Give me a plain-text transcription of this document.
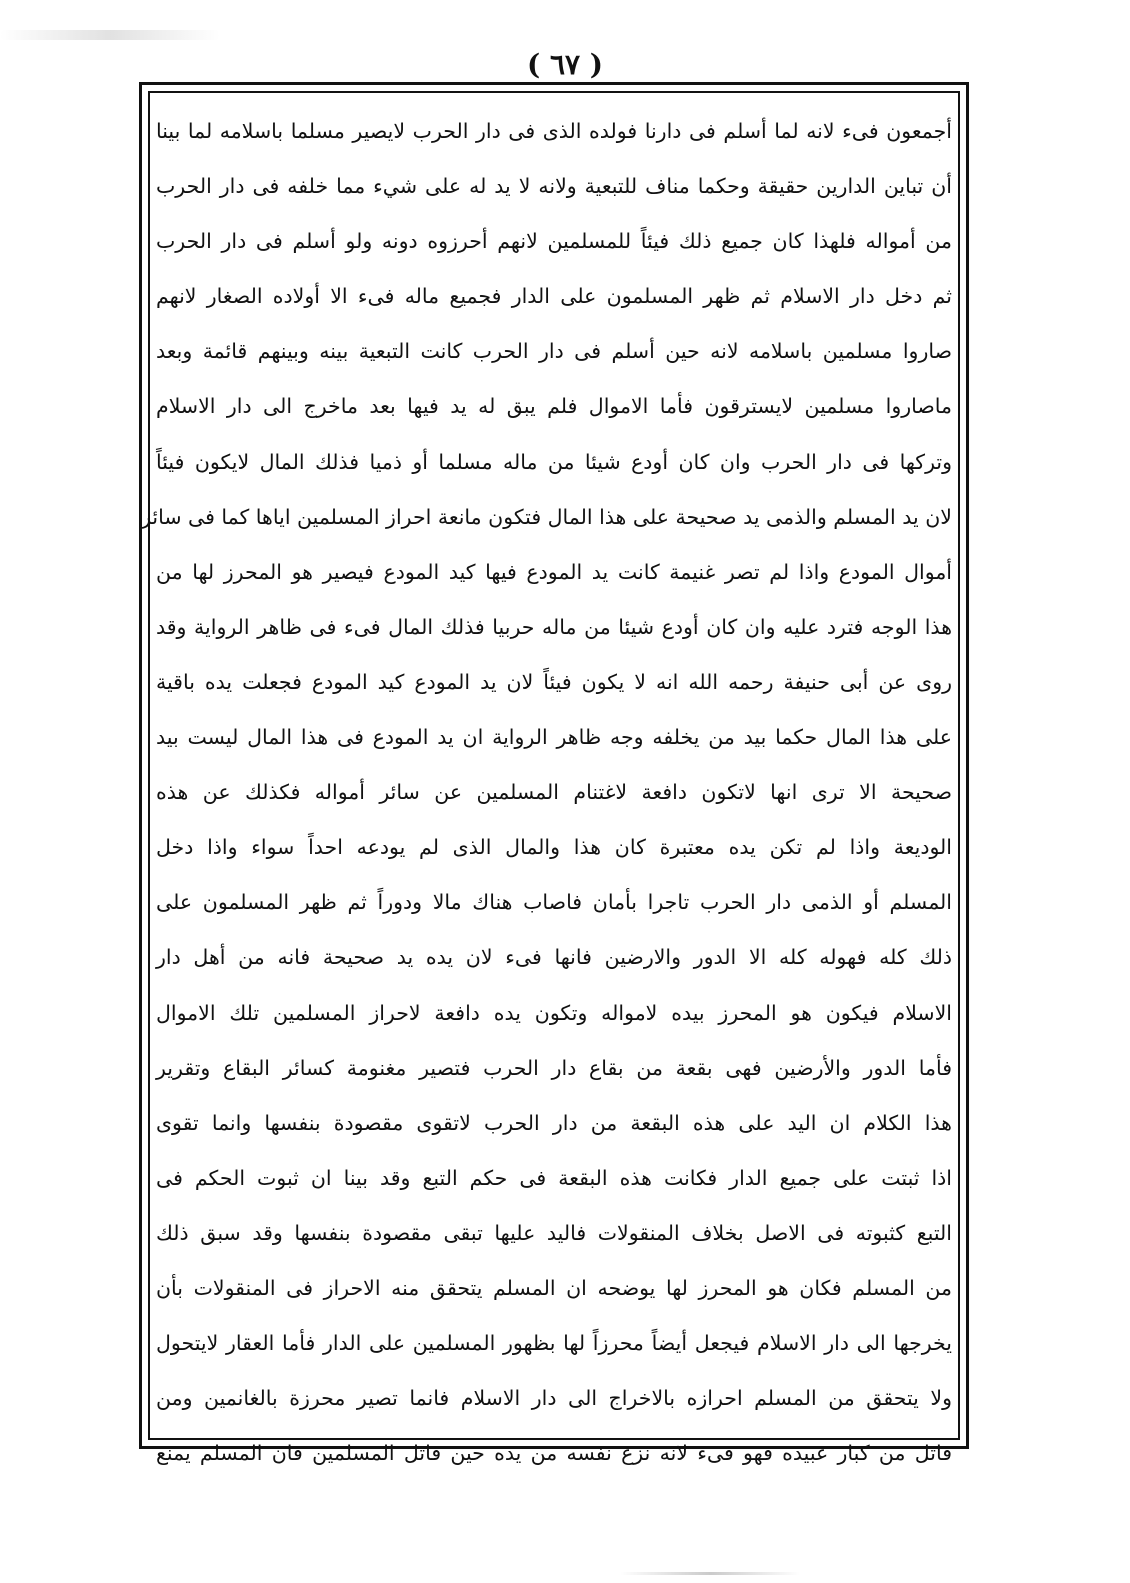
( ٦٧ )
أجمعون فىء لانه لما أسلم فى دارنا فولده الذى فى دار الحرب لايصير مسلما باسلامه لما بينا
أن تباين الدارين حقيقة وحكما مناف للتبعية ولانه لا يد له على شيء مما خلفه فى دار الحرب
من أمواله فلهذا كان جميع ذلك فيئاً للمسلمين لانهم أحرزوه دونه ولو أسلم فى دار الحرب
ثم دخل دار الاسلام ثم ظهر المسلمون على الدار فجميع ماله فىء الا أولاده الصغار لانهم
صاروا مسلمين باسلامه لانه حين أسلم فى دار الحرب كانت التبعية بينه وبينهم قائمة وبعد
ماصاروا مسلمين لايسترقون فأما الاموال فلم يبق له يد فيها بعد ماخرج الى دار الاسلام
وتركها فى دار الحرب وان كان أودع شيئا من ماله مسلما أو ذميا فذلك المال لايكون فيئاً
لان يد المسلم والذمى يد صحيحة على هذا المال فتكون مانعة احراز المسلمين اياها كما فى سائر
أموال المودع واذا لم تصر غنيمة كانت يد المودع فيها كيد المودع فيصير هو المحرز لها من
هذا الوجه فترد عليه وان كان أودع شيئا من ماله حربيا فذلك المال فىء فى ظاهر الرواية وقد
روى عن أبى حنيفة رحمه الله انه لا يكون فيئاً لان يد المودع كيد المودع فجعلت يده باقية
على هذا المال حكما بيد من يخلفه وجه ظاهر الرواية ان يد المودع فى هذا المال ليست بيد
صحيحة الا ترى انها لاتكون دافعة لاغتنام المسلمين عن سائر أمواله فكذلك عن هذه
الوديعة واذا لم تكن يده معتبرة كان هذا والمال الذى لم يودعه احداً سواء واذا دخل
المسلم أو الذمى دار الحرب تاجرا بأمان فاصاب هناك مالا ودوراً ثم ظهر المسلمون على
ذلك كله فهوله كله الا الدور والارضين فانها فىء لان يده يد صحيحة فانه من أهل دار
الاسلام فيكون هو المحرز بيده لامواله وتكون يده دافعة لاحراز المسلمين تلك الاموال
فأما الدور والأرضين فهى بقعة من بقاع دار الحرب فتصير مغنومة كسائر البقاع وتقرير
هذا الكلام ان اليد على هذه البقعة من دار الحرب لاتقوى مقصودة بنفسها وانما تقوى
اذا ثبتت على جميع الدار فكانت هذه البقعة فى حكم التبع وقد بينا ان ثبوت الحكم فى
التبع كثبوته فى الاصل بخلاف المنقولات فاليد عليها تبقى مقصودة بنفسها وقد سبق ذلك
من المسلم فكان هو المحرز لها يوضحه ان المسلم يتحقق منه الاحراز فى المنقولات بأن
يخرجها الى دار الاسلام فيجعل أيضاً محرزاً لها بظهور المسلمين على الدار فأما العقار لايتحول
ولا يتحقق من المسلم احرازه بالاخراج الى دار الاسلام فانما تصير محرزة بالغانمين ومن
قاتل من كبار عبيده فهو فىء لانه نزع نفسه من يده حين قاتل المسلمين فان المسلم يمنع
